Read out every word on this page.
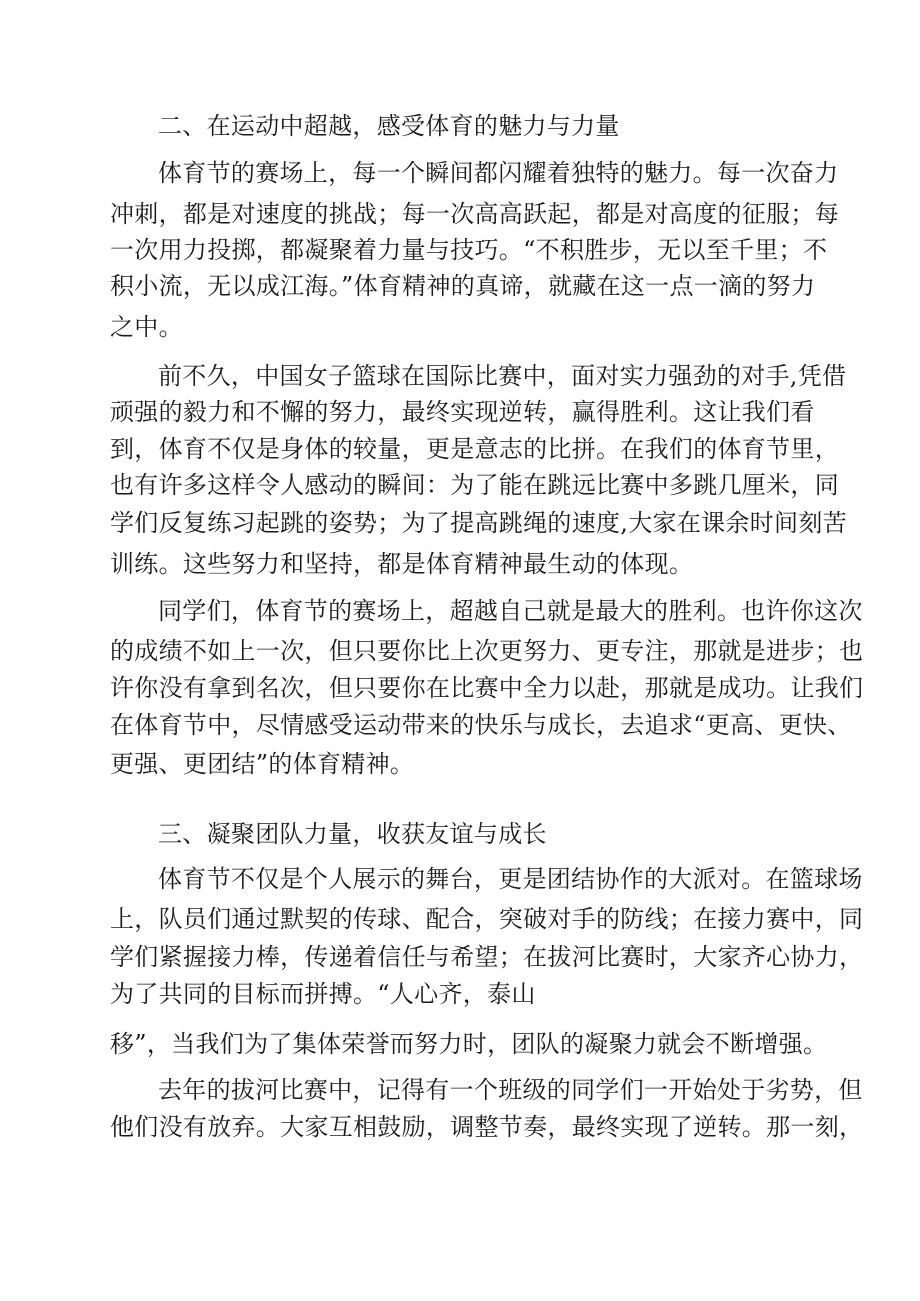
二、在运动中超越，感受体育的魅力与力量
体育节的赛场上，每一个瞬间都闪耀着独特的魅力。每一次奋力
冲刺，都是对速度的挑战；每一次高高跃起，都是对高度的征服；每
一次用力投掷，都凝聚着力量与技巧。“不积胜步，无以至千里；不
积小流，无以成江海。”体育精神的真谛，就藏在这一点一滴的努力
之中。
前不久，中国女子篮球在国际比赛中，面对实力强劲的对手,凭借
顽强的毅力和不懈的努力，最终实现逆转，赢得胜利。这让我们看
到，体育不仅是身体的较量，更是意志的比拼。在我们的体育节里，
也有许多这样令人感动的瞬间：为了能在跳远比赛中多跳几厘米，同
学们反复练习起跳的姿势；为了提高跳绳的速度,大家在课余时间刻苦
训练。这些努力和坚持，都是体育精神最生动的体现。
同学们，体育节的赛场上，超越自己就是最大的胜利。也许你这次
的成绩不如上一次，但只要你比上次更努力、更专注，那就是进步；也
许你没有拿到名次，但只要你在比赛中全力以赴，那就是成功。让我们
在体育节中，尽情感受运动带来的快乐与成长，去追求“更高、更快、
更强、更团结”的体育精神。
三、凝聚团队力量，收获友谊与成长
体育节不仅是个人展示的舞台，更是团结协作的大派对。在篮球场
上，队员们通过默契的传球、配合，突破对手的防线；在接力赛中，同
学们紧握接力棒，传递着信任与希望；在拔河比赛时，大家齐心协力，
为了共同的目标而拼搏。“人心齐，泰山
移”，当我们为了集体荣誉而努力时，团队的凝聚力就会不断增强。
去年的拔河比赛中，记得有一个班级的同学们一开始处于劣势，但
他们没有放弃。大家互相鼓励，调整节奏，最终实现了逆转。那一刻，
